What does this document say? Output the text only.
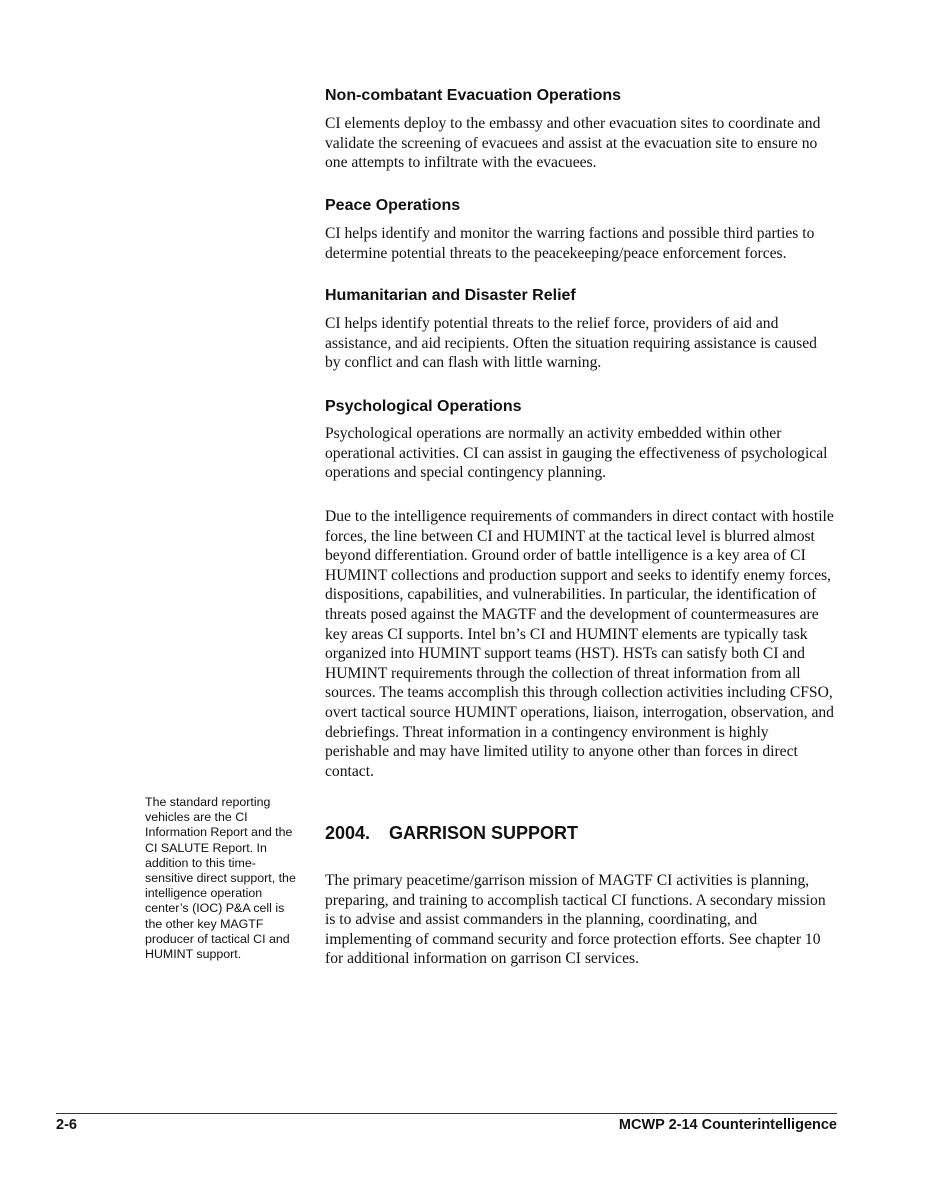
Non-combatant Evacuation Operations

CI elements deploy to the embassy and other evacuation sites to coordinate and validate the screening of evacuees and assist at the evacuation site to ensure no one attempts to infiltrate with the evacuees.

Peace Operations

CI helps identify and monitor the warring factions and possible third parties to determine potential threats to the peacekeeping/peace enforcement forces.

Humanitarian and Disaster Relief

CI helps identify potential threats to the relief force, providers of aid and assistance, and aid recipients. Often the situation requiring assistance is caused by conflict and can flash with little warning.

Psychological Operations

Psychological operations are normally an activity embedded within other operational activities. CI can assist in gauging the effectiveness of psychological operations and special contingency planning.

Due to the intelligence requirements of commanders in direct contact with hostile forces, the line between CI and HUMINT at the tactical level is blurred almost beyond differentiation. Ground order of battle intelligence is a key area of CI HUMINT collections and production support and seeks to identify enemy forces, dispositions, capabilities, and vulnerabilities. In particular, the identification of threats posed against the MAGTF and the development of countermeasures are key areas CI supports. Intel bn’s CI and HUMINT elements are typically task organized into HUMINT support teams (HST). HSTs can satisfy both CI and HUMINT requirements through the collection of threat information from all sources. The teams accomplish this through collection activities including CFSO, overt tactical source HUMINT operations, liaison, interrogation, observation, and debriefings. Threat information in a contingency environment is highly perishable and may have limited utility to anyone other than forces in direct contact.

The standard reporting vehicles are the CI Information Report and the CI SALUTE Report. In addition to this time-sensitive direct support, the intelligence operation center’s (IOC) P&A cell is the other key MAGTF producer of tactical CI and HUMINT support.

2004. GARRISON SUPPORT

The primary peacetime/garrison mission of MAGTF CI activities is planning, preparing, and training to accomplish tactical CI functions. A secondary mission is to advise and assist commanders in the planning, coordinating, and implementing of command security and force protection efforts. See chapter 10 for additional information on garrison CI services.

2-6	MCWP 2-14 Counterintelligence
